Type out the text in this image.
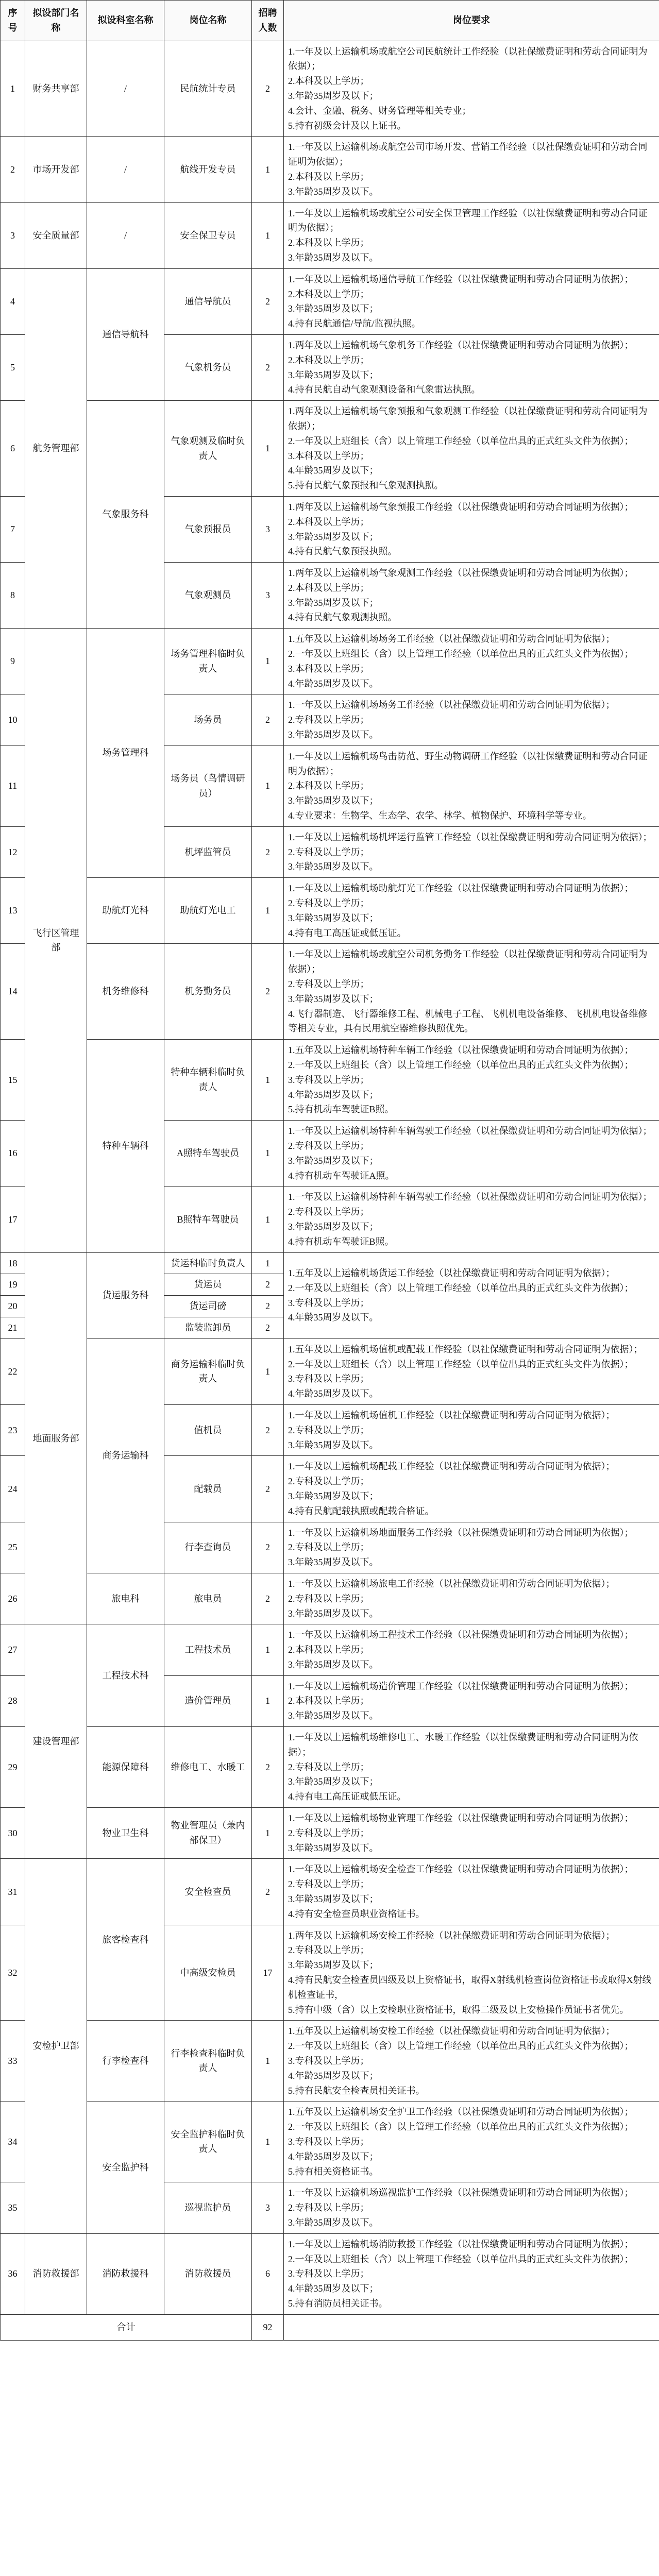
序号	拟设部门名称	拟设科室名称	岗位名称	招聘
人数	岗位要求
1	财务共享部	/	民航统计专员	2	1.一年及以上运输机场或航空公司民航统计工作经验（以社保缴费证明和劳动合同证明为依据）；
2.本科及以上学历；
3.年龄35周岁及以下；
4.会计、金融、税务、财务管理等相关专业；
5.持有初级会计及以上证书。

2	市场开发部	/	航线开发专员	1	1.一年及以上运输机场或航空公司市场开发、营销工作经验（以社保缴费证明和劳动合同证明为依据）；
2.本科及以上学历；
3.年龄35周岁及以下。

3	安全质量部	/	安全保卫专员	1	1.一年及以上运输机场或航空公司安全保卫管理工作经验（以社保缴费证明和劳动合同证明为依据）；
2.本科及以上学历；
3.年龄35周岁及以下。

4	航务管理部	通信导航科	通信导航员	2	1.一年及以上运输机场通信导航工作经验（以社保缴费证明和劳动合同证明为依据）；
2.本科及以上学历；
3.年龄35周岁及以下；
4.持有民航通信/导航/监视执照。

5			气象机务员	2	1.两年及以上运输机场气象机务工作经验（以社保缴费证明和劳动合同证明为依据）；
2.本科及以上学历；
3.年龄35周岁及以下；
4.持有民航自动气象观测设备和气象雷达执照。

6		气象服务科	气象观测及临时负责人	1	1.两年及以上运输机场气象预报和气象观测工作经验（以社保缴费证明和劳动合同证明为依据）；
2.一年及以上班组长（含）以上管理工作经验（以单位出具的正式红头文件为依据）；
3.本科及以上学历；
4.年龄35周岁及以下；
5.持有民航气象预报和气象观测执照。

7			气象预报员	3	1.两年及以上运输机场气象预报工作经验（以社保缴费证明和劳动合同证明为依据）；
2.本科及以上学历；
3.年龄35周岁及以下；
4.持有民航气象预报执照。

8			气象观测员	3	1.两年及以上运输机场气象观测工作经验（以社保缴费证明和劳动合同证明为依据）；
2.本科及以上学历；
3.年龄35周岁及以下；
4.持有民航气象观测执照。

9	飞行区管理部	场务管理科	场务管理科临时负责人	1	1.五年及以上运输机场场务工作经验（以社保缴费证明和劳动合同证明为依据）；
2.一年及以上班组长（含）以上管理工作经验（以单位出具的正式红头文件为依据）；
3.本科及以上学历；
4.年龄35周岁及以下。

10			场务员	2	1.一年及以上运输机场场务工作经验（以社保缴费证明和劳动合同证明为依据）；
2.专科及以上学历；
3.年龄35周岁及以下。

11			场务员（鸟情调研员）	1	1.一年及以上运输机场鸟击防范、野生动物调研工作经验（以社保缴费证明和劳动合同证明为依据）；
2.本科及以上学历；
3.年龄35周岁及以下；
4.专业要求：生物学、生态学、农学、林学、植物保护、环境科学等专业。

12			机坪监管员	2	1.一年及以上运输机场机坪运行监管工作经验（以社保缴费证明和劳动合同证明为依据）；
2.专科及以上学历；
3.年龄35周岁及以下。

13		助航灯光科	助航灯光电工	1	1.一年及以上运输机场助航灯光工作经验（以社保缴费证明和劳动合同证明为依据）；
2.专科及以上学历；
3.年龄35周岁及以下；
4.持有电工高压证或低压证。

14		机务维修科	机务勤务员	2	1.一年及以上运输机场或航空公司机务勤务工作经验（以社保缴费证明和劳动合同证明为依据）；
2.专科及以上学历；
3.年龄35周岁及以下；
4.飞行器制造、飞行器维修工程、机械电子工程、飞机机电设备维修、飞机机电设备维修等相关专业，具有民用航空器维修执照优先。

15		特种车辆科	特种车辆科临时负责人	1	1.五年及以上运输机场特种车辆工作经验（以社保缴费证明和劳动合同证明为依据）；
2.一年及以上班组长（含）以上管理工作经验（以单位出具的正式红头文件为依据）；
3.专科及以上学历；
4.年龄35周岁及以下；
5.持有机动车驾驶证B照。

16			A照特车驾驶员	1	1.一年及以上运输机场特种车辆驾驶工作经验（以社保缴费证明和劳动合同证明为依据）；
2.专科及以上学历；
3.年龄35周岁及以下；
4.持有机动车驾驶证A照。

17			B照特车驾驶员	1	1.一年及以上运输机场特种车辆驾驶工作经验（以社保缴费证明和劳动合同证明为依据）；
2.专科及以上学历；
3.年龄35周岁及以下；
4.持有机动车驾驶证B照。

18	地面服务部	货运服务科	货运科临时负责人	1	1.五年及以上运输机场货运工作经验（以社保缴费证明和劳动合同证明为依据）；
2.一年及以上班组长（含）以上管理工作经验（以单位出具的正式红头文件为依据）；
3.专科及以上学历；
4.年龄35周岁及以下。

19			货运员	2	
20			货运司磅	2	
21			监装监卸员	2	
22		商务运输科	商务运输科临时负责人	1	1.五年及以上运输机场值机或配载工作经验（以社保缴费证明和劳动合同证明为依据）；
2.一年及以上班组长（含）以上管理工作经验（以单位出具的正式红头文件为依据）；
3.专科及以上学历；
4.年龄35周岁及以下。

23			值机员	2	1.一年及以上运输机场值机工作经验（以社保缴费证明和劳动合同证明为依据）；
2.专科及以上学历；
3.年龄35周岁及以下。

24			配载员	2	1.一年及以上运输机场配载工作经验（以社保缴费证明和劳动合同证明为依据）；
2.专科及以上学历；
3.年龄35周岁及以下；
4.持有民航配载执照或配载合格证。

25			行李查询员	2	1.一年及以上运输机场地面服务工作经验（以社保缴费证明和劳动合同证明为依据）；
2.专科及以上学历；
3.年龄35周岁及以下。

26		旅电科	旅电员	2	1.一年及以上运输机场旅电工作经验（以社保缴费证明和劳动合同证明为依据）；
2.专科及以上学历；
3.年龄35周岁及以下。

27	建设管理部	工程技术科	工程技术员	1	1.一年及以上运输机场工程技术工作经验（以社保缴费证明和劳动合同证明为依据）；
2.本科及以上学历；
3.年龄35周岁及以下。

28			造价管理员	1	1.一年及以上运输机场造价管理工作经验（以社保缴费证明和劳动合同证明为依据）；
2.本科及以上学历；
3.年龄35周岁及以下。

29		能源保障科	维修电工、水暖工	2	1.一年及以上运输机场维修电工、水暖工作经验（以社保缴费证明和劳动合同证明为依据）；
2.专科及以上学历；
3.年龄35周岁及以下；
4.持有电工高压证或低压证。

30		物业卫生科	物业管理员（兼内部保卫）	1	1.一年及以上运输机场物业管理工作经验（以社保缴费证明和劳动合同证明为依据）；
2.专科及以上学历；
3.年龄35周岁及以下。

31	安检护卫部	旅客检查科	安全检查员	2	1.一年及以上运输机场安全检查工作经验（以社保缴费证明和劳动合同证明为依据）；
2.专科及以上学历；
3.年龄35周岁及以下；
4.持有安全检查员职业资格证书。

32			中高级安检员	17	1.两年及以上运输机场安检工作经验（以社保缴费证明和劳动合同证明为依据）；
2.专科及以上学历；
3.年龄35周岁及以下；
4.持有民航安全检查员四级及以上资格证书，取得X射线机检查岗位资格证书或取得X射线机检查证书，
5.持有中级（含）以上安检职业资格证书，取得二级及以上安检操作员证书者优先。

33		行李检查科	行李检查科临时负责人	1	1.五年及以上运输机场安检工作经验（以社保缴费证明和劳动合同证明为依据）；
2.一年及以上班组长（含）以上管理工作经验（以单位出具的正式红头文件为依据）；
3.专科及以上学历；
4.年龄35周岁及以下；
5.持有民航安全检查员相关证书。

34		安全监护科	安全监护科临时负责人	1	1.五年及以上运输机场安全护卫工作经验（以社保缴费证明和劳动合同证明为依据）；
2.一年及以上班组长（含）以上管理工作经验（以单位出具的正式红头文件为依据）；
3.专科及以上学历；
4.年龄35周岁及以下；
5.持有相关资格证书。

35			巡视监护员	3	1.一年及以上运输机场巡视监护工作经验（以社保缴费证明和劳动合同证明为依据）；
2.专科及以上学历；
3.年龄35周岁及以下。

36	消防救援部	消防救援科	消防救援员	6	1.一年及以上运输机场消防救援工作经验（以社保缴费证明和劳动合同证明为依据）；
2.一年及以上班组长（含）以上管理工作经验（以单位出具的正式红头文件为依据）；
3.专科及以上学历；
4.年龄35周岁及以下；
5.持有消防员相关证书。

合计				92	
